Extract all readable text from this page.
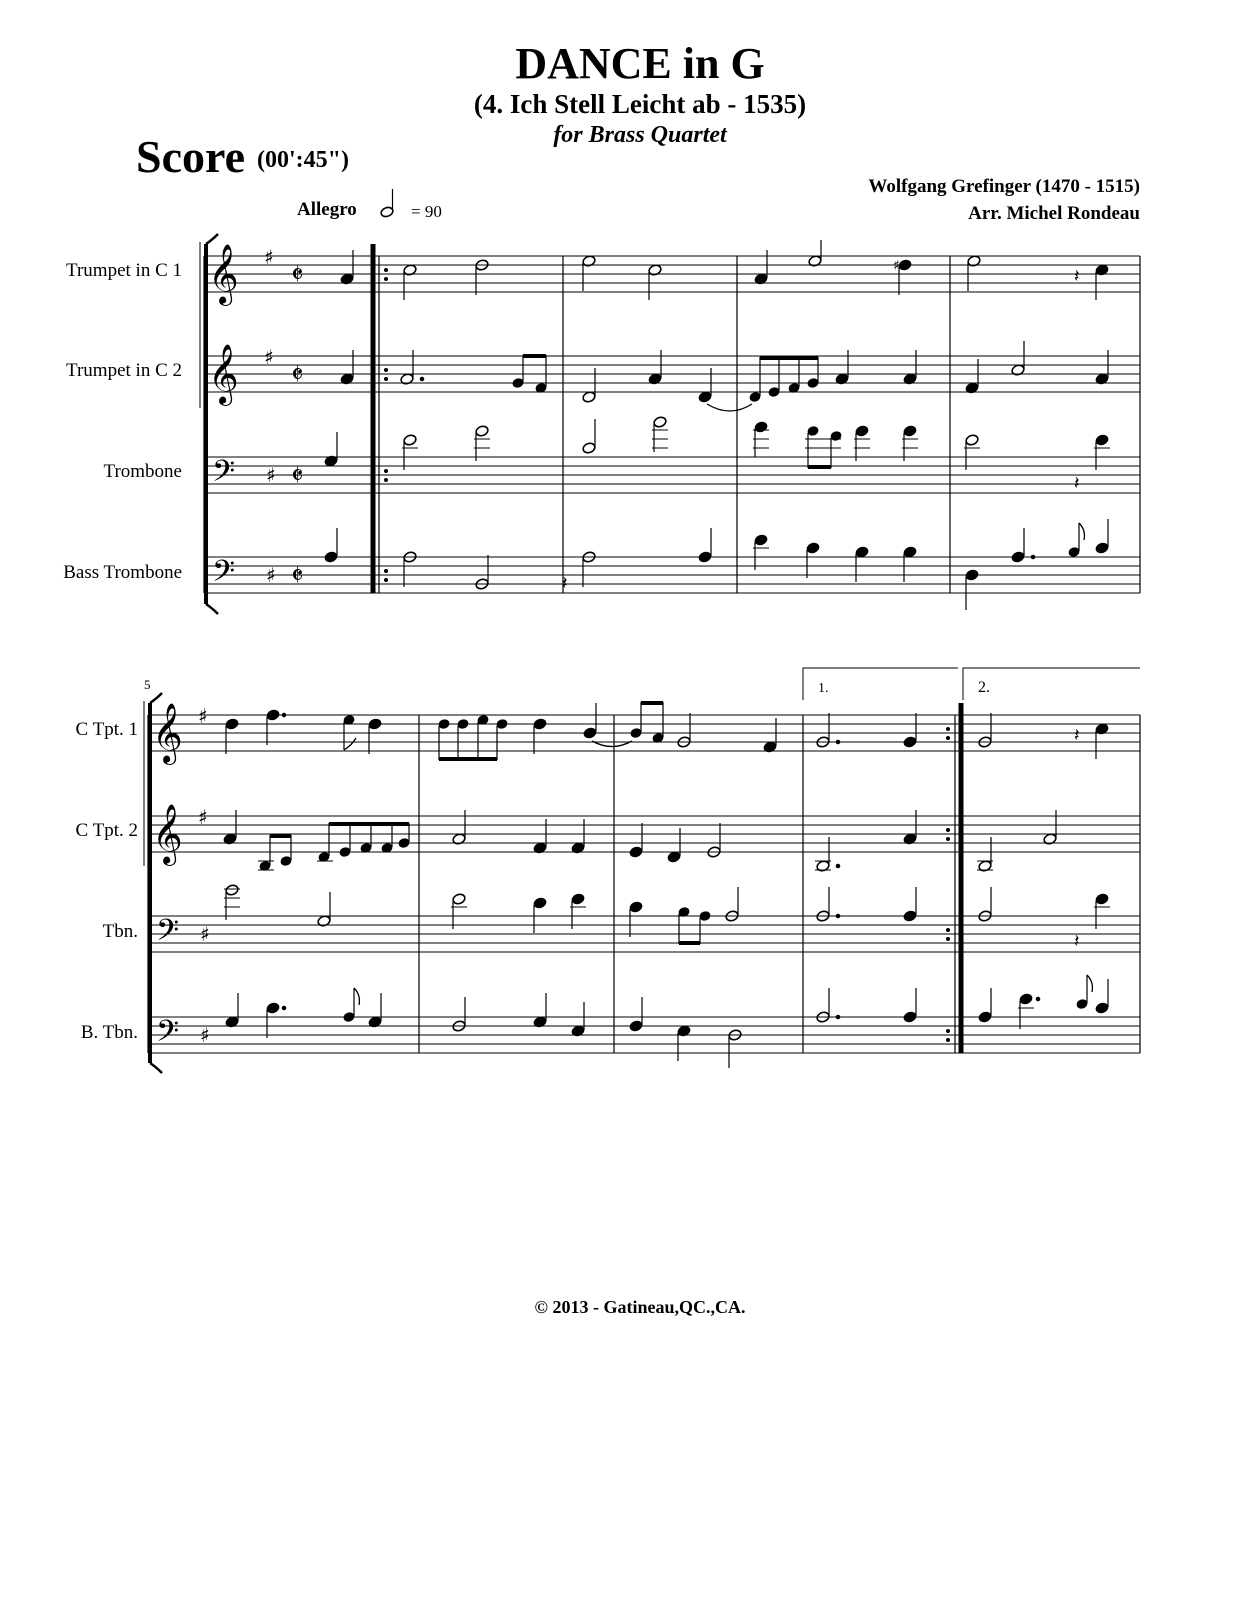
DANCE in G
(4. Ich Stell Leicht ab - 1535)
for Brass Quartet
Score (00':45")
Wolfgang Grefinger (1470 - 1515)
Arr. Michel Rondeau
Allegro	= 90
Trumpet in C 1
Trumpet in C 2
Trombone
Bass Trombone
C Tpt. 1
C Tpt. 2
Tbn.
B. Tbn.
𝄞
𝄞
𝄢
𝄢
♯
♯
♯
♯
𝄵
𝄵
𝄵
𝄵
♯	𝄽
𝄽
𝄽
5
𝄞
𝄞
𝄢
𝄢
♯
♯
♯
♯
1.	2.
𝄽
𝄽
© 2013 - Gatineau,QC.,CA.
